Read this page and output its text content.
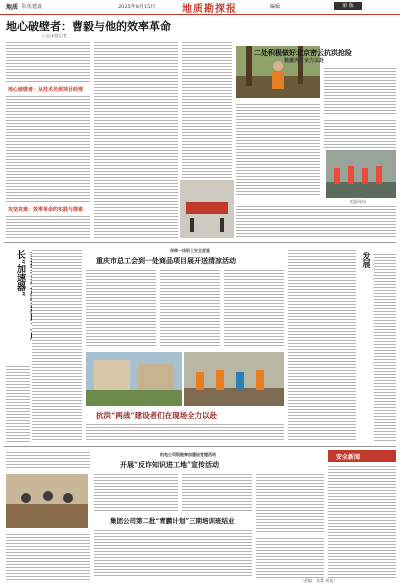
地质 队伍建设	2025年8月15日	地质勘探报	编辑	第 版
地心破壁者：曹毅与他的效率革命
○文/本报记者
地心破壁者：从技术员到项目经理
攻坚克难：效率革命的实践与探索
二处积极做好北京密云抗洪抢险
驰援灾区全力以赴
抢险现场
长“加速器”
保障一线职工安全度夏
重庆市总工会到一处商品项目展开送清凉活动	发展
抗洪“两战”建设者们在现场全力以赴
机电公司积极参加建设党建活动
开展“反诈知识进工地”宣传活动
集团公司第二批“青鹏计划”三期培训班结业
安全新闻
（责编：张某 周某）
